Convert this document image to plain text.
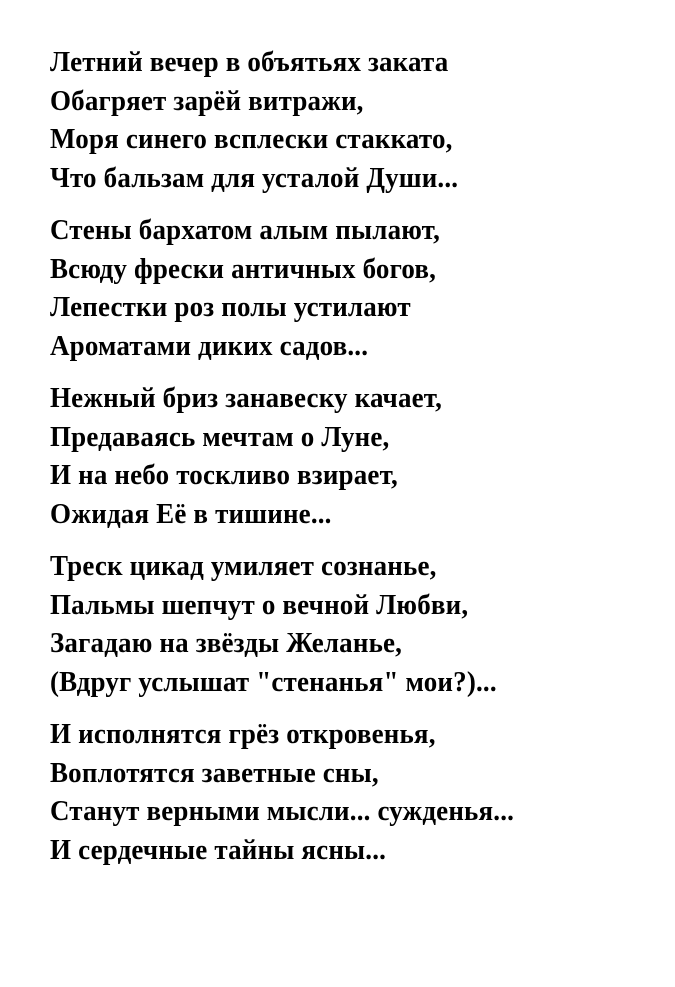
Летний вечер в объятьях заката
Обагряет зарёй витражи,
Моря синего всплески стаккато,
Что бальзам для усталой Души...
Стены бархатом алым пылают,
Всюду фрески античных богов,
Лепестки роз полы устилают
Ароматами диких садов...
Нежный бриз занавеску качает,
Предаваясь мечтам о Луне,
И на небо тоскливо взирает,
Ожидая Её в тишине...
Треск цикад умиляет сознанье,
Пальмы шепчут о вечной Любви,
Загадаю на звёзды Желанье,
(Вдруг услышат "стенанья" мои?)...
И исполнятся грёз откровенья,
Воплотятся заветные сны,
Станут верными мысли... сужденья...
И сердечные тайны ясны...
